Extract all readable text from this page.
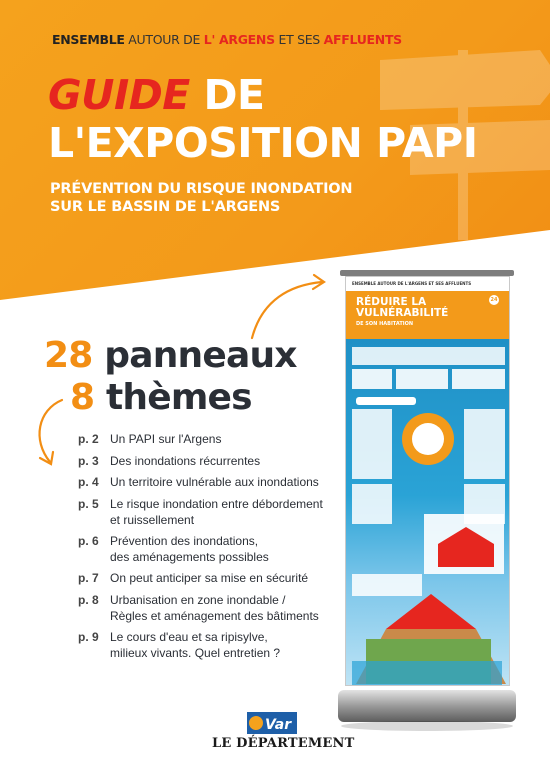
ENSEMBLE AUTOUR DE L' ARGENS ET SES AFFLUENTS
GUIDE DE
L'EXPOSITION PAPI
PRÉVENTION DU RISQUE INONDATION
SUR LE BASSIN DE L'ARGENS
28 panneaux
8 thèmes
p. 2 Un PAPI sur l'Argens
p. 3 Des inondations récurrentes
p. 4 Un territoire vulnérable aux inondations
p. 5 Le risque inondation entre débordement
et ruissellement
p. 6 Prévention des inondations,
des aménagements possibles
p. 7 On peut anticiper sa mise en sécurité
p. 8 Urbanisation en zone inondable /
Règles et aménagement des bâtiments
p. 9 Le cours d'eau et sa ripisylve,
milieux vivants. Quel entretien ?
ENSEMBLE AUTOUR DE L'ARGENS ET SES AFFLUENTS
RÉDUIRE LA
VULNÉRABILITÉ
DE SON HABITATION
24
Var
LE DÉPARTEMENT
